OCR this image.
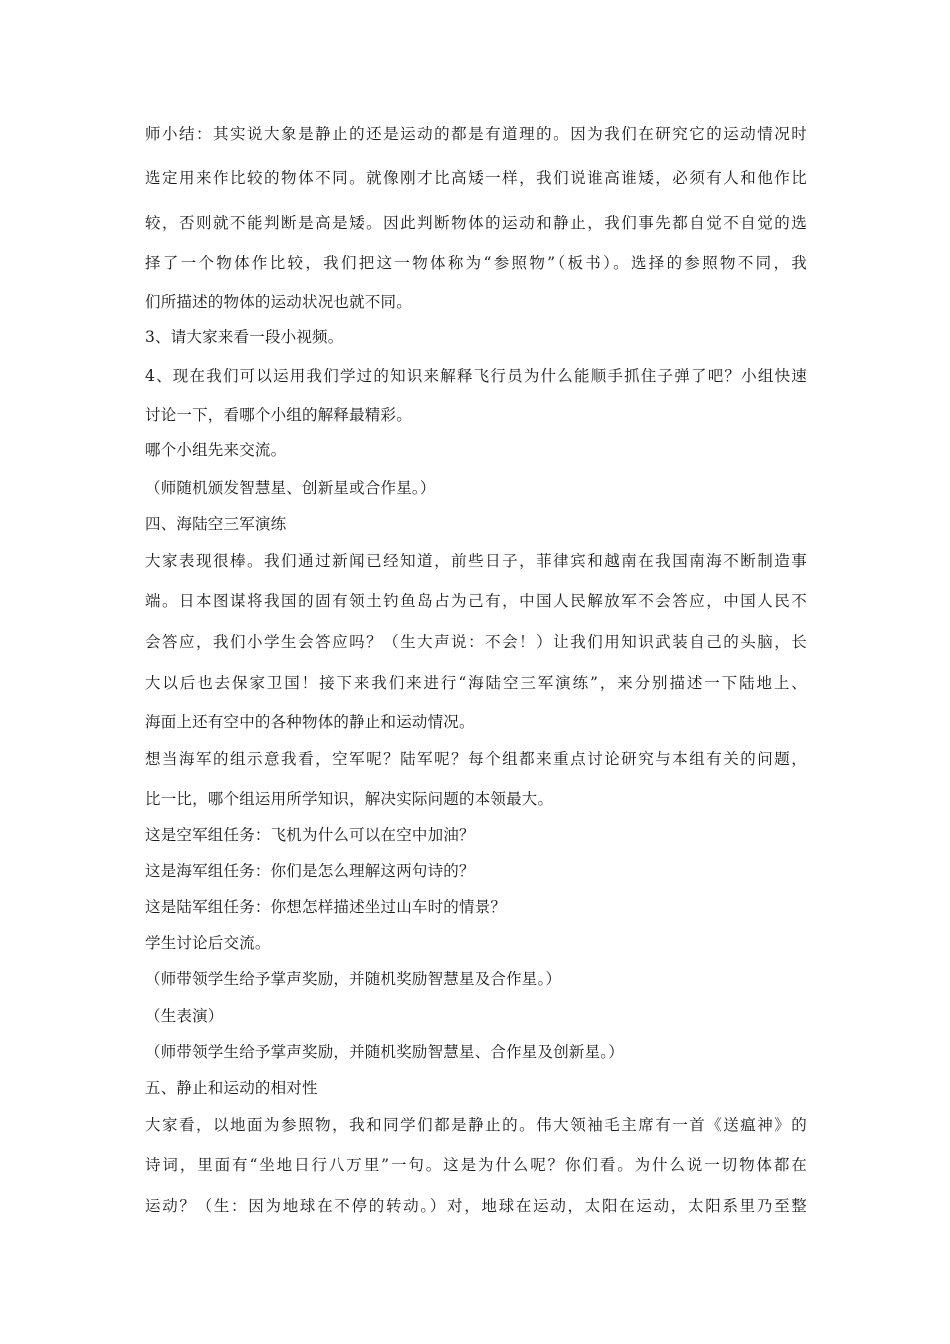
师小结：其实说大象是静止的还是运动的都是有道理的。因为我们在研究它的运动情况时
选定用来作比较的物体不同。就像刚才比高矮一样，我们说谁高谁矮，必须有人和他作比
较，否则就不能判断是高是矮。因此判断物体的运动和静止，我们事先都自觉不自觉的选
择了一个物体作比较，我们把这一物体称为“参照物”（板书）。选择的参照物不同，我
们所描述的物体的运动状况也就不同。
3、请大家来看一段小视频。
4、现在我们可以运用我们学过的知识来解释飞行员为什么能顺手抓住子弹了吧？小组快速
讨论一下，看哪个小组的解释最精彩。
哪个小组先来交流。
（师随机颁发智慧星、创新星或合作星。）
四、海陆空三军演练
大家表现很棒。我们通过新闻已经知道，前些日子，菲律宾和越南在我国南海不断制造事
端。日本图谋将我国的固有领土钓鱼岛占为己有，中国人民解放军不会答应，中国人民不
会答应，我们小学生会答应吗？（生大声说：不会！）让我们用知识武装自己的头脑，长
大以后也去保家卫国！接下来我们来进行“海陆空三军演练”，来分别描述一下陆地上、
海面上还有空中的各种物体的静止和运动情况。
想当海军的组示意我看，空军呢？陆军呢？每个组都来重点讨论研究与本组有关的问题，
比一比，哪个组运用所学知识，解决实际问题的本领最大。
这是空军组任务：飞机为什么可以在空中加油？
这是海军组任务：你们是怎么理解这两句诗的？
这是陆军组任务：你想怎样描述坐过山车时的情景？
学生讨论后交流。
（师带领学生给予掌声奖励，并随机奖励智慧星及合作星。）
（生表演）
（师带领学生给予掌声奖励，并随机奖励智慧星、合作星及创新星。）
五、静止和运动的相对性
大家看，以地面为参照物，我和同学们都是静止的。伟大领袖毛主席有一首《送瘟神》的
诗词，里面有“坐地日行八万里”一句。这是为什么呢？你们看。为什么说一切物体都在
运动？（生：因为地球在不停的转动。）对，地球在运动，太阳在运动，太阳系里乃至整
